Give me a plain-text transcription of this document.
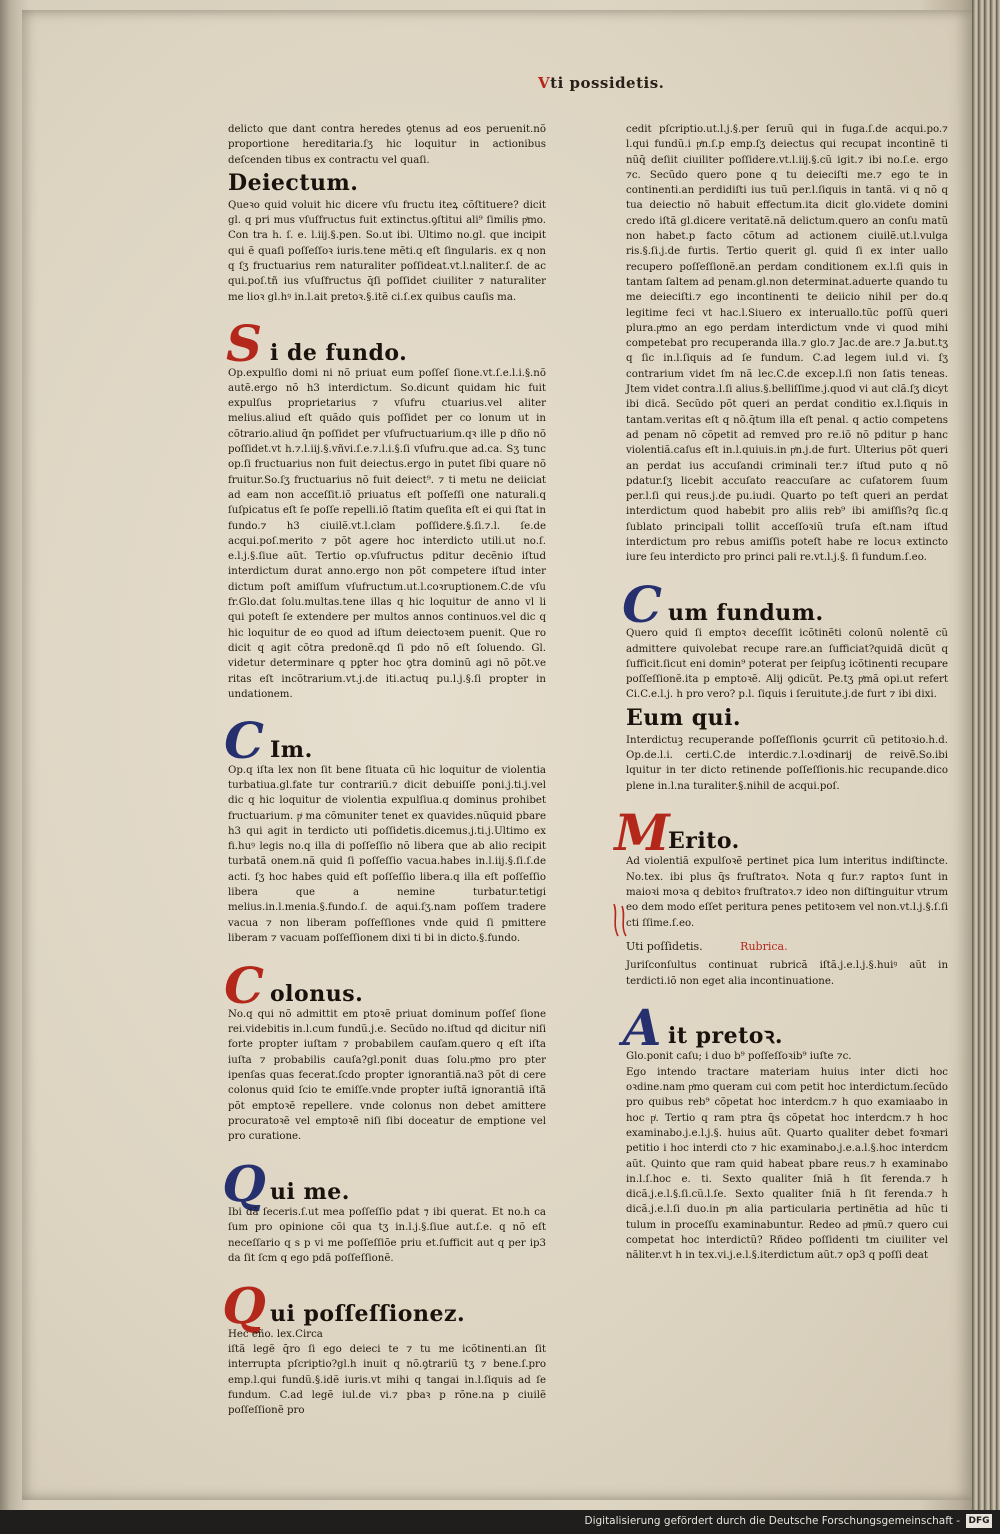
Vti possidetis.

delicto que dant contra heredes ꝯtenus ad eos peruenit.nõ proportione hereditaria.ſʒ hic loquitur in actionibus deſcenden tibus ex contractu vel quaſi.

Deiectum.

Queꝛo quid voluit hic dicere vſu fructu iteꝝ cõſtituere? dicit gl. q pri mus vſuſfructus fuit extinctus.ꝯſtitui ali⁹ ſimilis pͥmo. Con tra h. ſ. e. l.iij.§.pen. So.ut ibi. Ultimo no.gl. que incipit qui ẽ quaſi poſſeſſoꝛ iuris.tene mẽti.q eſt ſingularis. ex q non q ſʒ fructuarius rem naturaliter poſſideat.vt.l.naliter.ſ. de ac qui.poſ.tñ ius vſuſfructus q̄ſi poſſidet ciuiliter ⁊ naturaliter me lioꝛ gl.hꝰ in.l.ait pretoꝛ.§.itẽ ci.ſ.ex quibus cauſis ma.

S i de fundo.
Op.expulſio domi ni nõ priuat eum poſſeſ ſione.vt.ſ.e.l.i.§.nõ autẽ.ergo nõ h3 interdictum. So.dicunt quidam hic fuit expulſus proprietarius ⁊ vſufru ctuarius.vel aliter melius.aliud eſt quãdo quis poſſidet per co lonum ut in cõtrario.aliud q̄n poſſidet per vſufructuarium.qꝛ ille p dño nõ poſſidet.vt h.⁊.l.iij.§.vñvi.ſ.e.⁊.l.i.§.ſi vſufru.que ad.ca. Sʒ tunc op.ſi fructuarius non fuit deiectus.ergo in putet ſibi quare nõ fruitur.So.ſʒ fructuarius nõ fuit deiect⁹. ⁊ ti metu ne deiiciat ad eam non acceſſit.iõ priuatus eſt poſſeſſi one naturali.q ſuſpicatus eſt ſe poſſe repelli.iõ ſtatim queſita eſt ei qui ſtat in fundo.⁊ h3 ciuilẽ.vt.l.clam poſſidere.§.ſi.⁊.l. ſe.de acqui.poſ.merito ⁊ põt agere hoc interdicto utili.ut no.ſ. e.l.j.§.ſiue aũt. Tertio op.vſufructus pditur decẽnio iſtud interdictum durat anno.ergo non põt competere iſtud inter dictum poſt amiſſum vſufructum.ut.l.coꝛruptionem.C.de vſu fr.Glo.dat ſolu.multas.tene illas q hic loquitur de anno vl li qui poteſt ſe extendere per multos annos continuos.vel dic q hic loquitur de eo quod ad iſtum deiectoꝛem puenit. Que ro dicit q agit cõtra predonẽ.qd ſi pdo nõ eſt ſoluendo. Gl. videtur determinare q pꝑter hoc ꝯtra dominũ agi nõ põt.ve ritas eſt incõtrarium.vt.j.de iti.actuq pu.l.j.§.ſi propter in undationem.

C Im.
Op.q iſta lex non ſit bene ſituata cũ hic loquitur de violentia turbatiua.gl.fate tur contrariũ.⁊ dicit debuiſſe poni.j.ti.j.vel dic q hic loquitur de violentia expulſiua.q dominus prohibet fructuarium. pͥ ma cõmuniter tenet ex quavides.nũquid pbare h3 qui agit in terdicto uti poſſidetis.dicemus.j.ti.j.Ultimo ex fi.huꝰ legis no.q illa di poſſeſſio nõ libera que ab alio recipit turbatã onem.nã quid ſi poſſeſſio vacua.habes in.l.iij.§.ſi.ſ.de acti. ſʒ hoc habes quid eſt poſſeſſio libera.q illa eſt poſſeſſio libera que a nemine turbatur.tetigi melius.in.l.menia.§.fundo.ſ. de aqui.ſʒ.nam poſſem tradere vacua ⁊ non liberam poſſeſſiones vnde quid ſi pmittere liberam ⁊ vacuam poſſeſſionem dixi ti bi in dicto.§.fundo.

C olonus.
No.q qui nõ admittit em ptoꝛẽ priuat dominum poſſeſ ſione rei.videbitis in.l.cum fundũ.j.e. Secũdo no.iſtud qd dicitur niſi forte propter iuſtam ⁊ probabilem cauſam.quero q eſt iſta iuſta ⁊ probabilis cauſa?gl.ponit duas ſolu.pͥmo pro pter ipenſas quas fecerat.ſcdo propter ignorantiã.na3 põt di cere colonus quid ſcio te emiſſe.vnde propter iuſtã ignorantiã iſtã põt emptoꝛẽ repellere. vnde colonus non debet amittere procuratoꝛẽ vel emptoꝛẽ niſi ſibi doceatur de emptione vel pro curatione.

Q ui me.
Ibi dã ſeceris.ſ.ut mea poſſeſſio pdat ⁊ ibi querat. Et no.h ca ſum pro opinione cõi qua tʒ in.l.j.§.ſiue aut.ſ.e. q nõ eſt neceſſario q s p vi me poſſeſſiõe priu et.ſufficit aut q per ip3 da ſit ſcm q ego pdã poſſeſſionẽ.

Q ui poſſeſſionez.
Hec eño. lex.Circa
iſtã legẽ q̄ro ſi ego deieci te ⁊ tu me icõtinenti.an ſit interrupta pſcriptio?gl.h inuit q nõ.ꝯtrariũ tʒ ⁊ bene.ſ.pro emp.l.qui fundũ.§.idẽ iuris.vt mihi q tangai in.l.ſiquis ad ſe fundum. C.ad legẽ iul.de vi.⁊ pbaꝛ p rõne.na p ciuilẽ poſſeſſionẽ pro

cedit pſcriptio.ut.l.j.§.per ſeruũ qui in fuga.ſ.de acqui.po.⁊ l.qui fundũ.i pͥn.ſ.p emp.ſʒ deiectus qui recupat incontinẽ ti nũq̄ deſiit ciuiliter poſſidere.vt.l.iij.§.cũ igit.⁊ ibi no.ſ.e. ergo ⁊c. Secũdo quero pone q tu deieciſti me.⁊ ego te in continenti.an perdidiſti ius tuũ per.l.ſiquis in tantã. vi q nõ q tua deiectio nõ habuit effectum.ita dicit glo.videte domini credo iſtã gl.dicere veritatẽ.nã delictum.quero an conſu matũ non habet.p facto cõtum ad actionem ciuilẽ.ut.l.vulga ris.§.ſi.j.de furtis. Tertio querit gl. quid ſi ex inter uallo recupero poſſeſſionẽ.an perdam conditionem ex.l.ſi quis in tantam ſaltem ad penam.gl.non determinat.aduerte quando tu me deieciſti.⁊ ego incontinenti te deiicio nihil per do.q legitime feci vt hac.l.Siuero ex interuallo.tũc poſſũ queri plura.pͥmo an ego perdam interdictum vnde vi quod mihi competebat pro recuperanda illa.⁊ glo.⁊ Jac.de are.⁊ Ja.but.tʒ q ſic in.l.ſiquis ad ſe fundum. C.ad legem iul.d vi. ſʒ contrarium videt ſm nã lec.C.de excep.l.ſi non ſatis teneas. Jtem videt contra.l.ſi alius.§.belliſſime.j.quod vi aut clã.ſʒ dicyt ibi dicã. Secũdo põt queri an perdat conditio ex.l.ſiquis in tantam.veritas eſt q nõ.q̄tum illa eſt penal. q actio competens ad penam nõ cõpetit ad remved pro re.iõ nõ pditur p hanc violentiã.caſus eſt in.l.quiuis.in pͥn.j.de furt. Ulterius põt queri an perdat ius accuſandi criminali ter.⁊ iſtud puto q nõ pdatur.ſʒ licebit accuſato reaccuſare ac cuſatorem ſuum per.l.ſi qui reus.j.de pu.iudi. Quarto po teſt queri an perdat interdictum quod habebit pro aliis reb⁹ ibi amiſſis?q ſic.q ſublato principali tollit acceſſoꝛiũ truſa eſt.nam iſtud interdictum pro rebus amiſſis poteſt habe re locuꝛ extincto iure ſeu interdicto pro princi pali re.vt.l.j.§. ſi fundum.ſ.eo.

C um fundum.
Quero quid ſi emptoꝛ deceſſit icõtinẽti colonũ nolentẽ cũ admittere quivolebat recupe rare.an ſufficiat?quidã dicũt q ſufficit.ſicut eni domin⁹ poterat per ſeipſuꝫ icõtinenti recupare poſſeſſionẽ.ita p emptoꝛẽ. Alij ꝯdicũt. Pe.tʒ pͥmã opi.ut refert Ci.C.e.l.j. h pro vero? p.l. ſiquis i ſeruitute.j.de furt ⁊ ibi dixi.

Eum qui.

Interdictuꝫ recuperande poſſeſſionis ꝯcurrit cũ petitoꝛio.h.d. Op.de.l.i. certi.C.de interdic.⁊.l.oꝛdinarij de reivẽ.So.ibi lquitur in ter dicto retinende poſſeſſionis.hic recupande.dico plene in.l.na turaliter.§.nihil de acqui.poſ.

M

Erito.
Ad violentiã expulſoꝛẽ pertinet pica lum interitus indiſtincte. No.tex. ibi plus q̄s fruſtratoꝛ. Nota q fur.⁊ raptoꝛ ſunt in maioꝛi moꝛa q debitoꝛ fruſtratoꝛ.⁊ ideo non diſtinguitur vtrum eo dem modo eſſet peritura penes petitoꝛem vel non.vt.l.j.§.ſ.ſi cti ſſime.ſ.eo.

Uti poſſidetis.	Rubrica.

Juriſconſultus continuat rubricã iſtã.j.e.l.j.§.huiꝰ aũt in terdicti.iõ non eget alia incontinuatione.

A it pretoꝛ.
Glo.ponit caſu; i duo b⁹ poſſeſſoꝛib⁹ iuſte ⁊c.
Ego intendo tractare materiam huius inter dicti hoc oꝛdine.nam pͥmo queram cui com petit hoc interdictum.ſecũdo pro quibus reb⁹ cõpetat hoc interdcm.⁊ h quo examiaabo in hoc pͥ. Tertio q ram ptra q̄s cõpetat hoc interdcm.⁊ h hoc examinabo.j.e.l.j.§. huius aũt. Quarto qualiter debet foꝛmari petitio i hoc interdi cto ⁊ hic examinabo.j.e.a.l.§.hoc interdcm aũt. Quinto que ram quid habeat pbare reus.⁊ h examinabo in.l.ſ.hoc e. ti. Sexto qualiter ſniã h ſit ferenda.⁊ h dicã.j.e.l.§.ſi.cũ.l.ſe. Sexto qualiter ſniã h ſit ferenda.⁊ h dicã.j.e.l.ſi duo.in pͥn alia particularia pertinẽtia ad hũc ti tulum in proceſſu examinabuntur. Redeo ad pͥmũ.⁊ quero cui competat hoc interdictũ? Rñdeo poſſidenti tm ciuiliter vel nãliter.vt h in tex.vi.j.e.l.§.iterdictum aũt.⁊ op3 q poſſi deat

Digitalisierung gefördert durch die Deutsche Forschungsgemeinschaft - DFG
